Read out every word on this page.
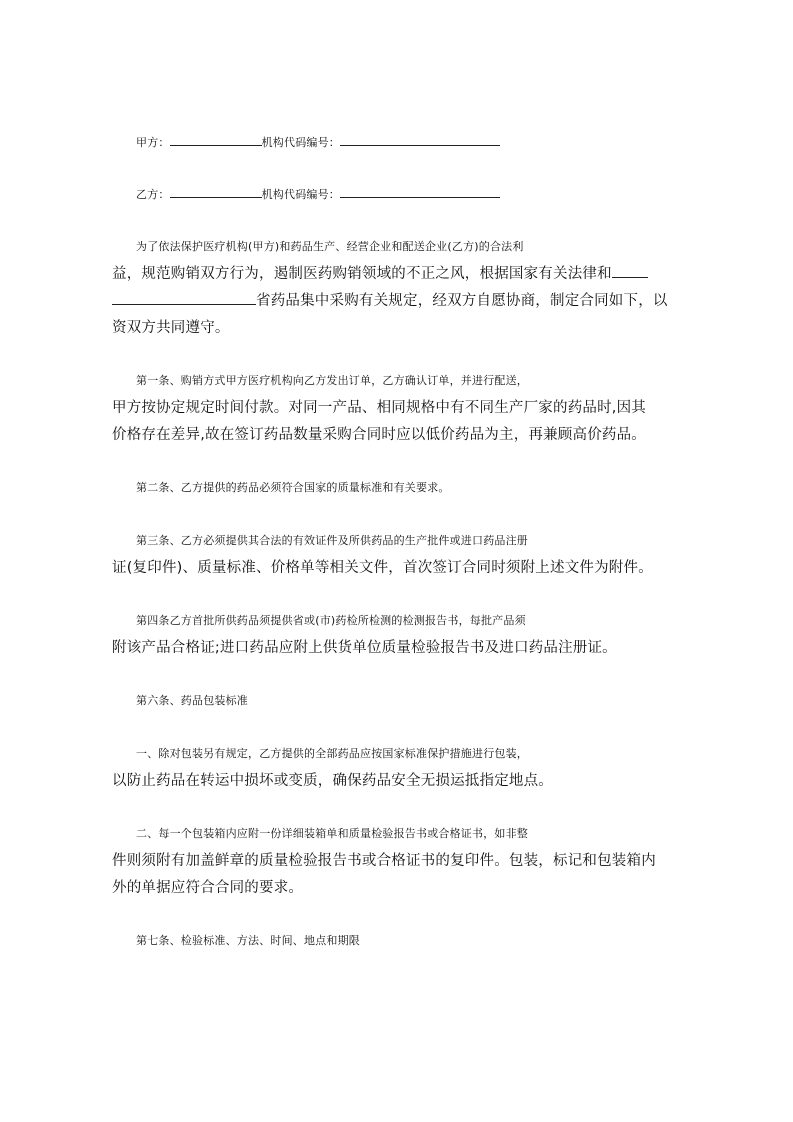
甲方：	机构代码编号：
乙方：	机构代码编号：
为了依法保护医疗机构(甲方)和药品生产、经营企业和配送企业(乙方)的合法利
益，规范购销双方行为，遏制医药购销领域的不正之风，根据国家有关法律和
省药品集中采购有关规定，经双方自愿协商，制定合同如下，以
资双方共同遵守。
第一条、购销方式甲方医疗机构向乙方发出订单，乙方确认订单，并进行配送，
甲方按协定规定时间付款。对同一产品、相同规格中有不同生产厂家的药品时,因其
价格存在差异,故在签订药品数量采购合同时应以低价药品为主，再兼顾高价药品。
第二条、乙方提供的药品必须符合国家的质量标准和有关要求。
第三条、乙方必须提供其合法的有效证件及所供药品的生产批件或进口药品注册
证(复印件)、质量标准、价格单等相关文件，首次签订合同时须附上述文件为附件。
第四条乙方首批所供药品须提供省或(市)药检所检测的检测报告书，每批产品须
附该产品合格证;进口药品应附上供货单位质量检验报告书及进口药品注册证。
第六条、药品包装标准
一、除对包装另有规定，乙方提供的全部药品应按国家标准保护措施进行包装，
以防止药品在转运中损坏或变质，确保药品安全无损运抵指定地点。
二、每一个包装箱内应附一份详细装箱单和质量检验报告书或合格证书，如非整
件则须附有加盖鲜章的质量检验报告书或合格证书的复印件。包装，标记和包装箱内
外的单据应符合合同的要求。
第七条、检验标准、方法、时间、地点和期限
